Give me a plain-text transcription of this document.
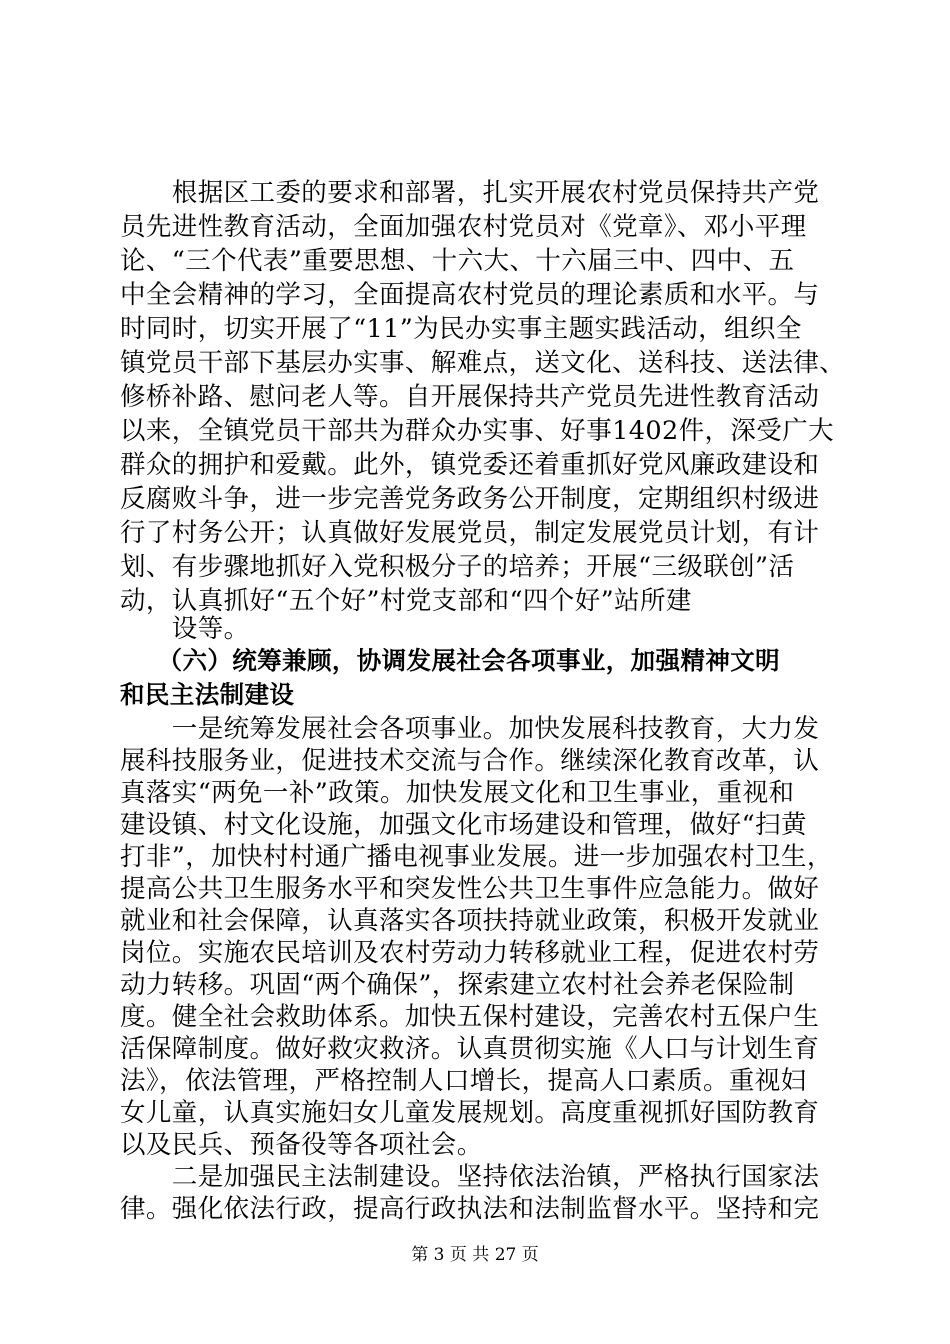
　　根据区工委的要求和部署，扎实开展农村党员保持共产党
员先进性教育活动，全面加强农村党员对《党章》、邓小平理
论、“三个代表”重要思想、十六大、十六届三中、四中、五
中全会精神的学习，全面提高农村党员的理论素质和水平。与
时同时，切实开展了“11”为民办实事主题实践活动，组织全
镇党员干部下基层办实事、解难点，送文化、送科技、送法律、
修桥补路、慰问老人等。自开展保持共产党员先进性教育活动
以来，全镇党员干部共为群众办实事、好事1402件，深受广大
群众的拥护和爱戴。此外，镇党委还着重抓好党风廉政建设和
反腐败斗争，进一步完善党务政务公开制度，定期组织村级进
行了村务公开；认真做好发展党员，制定发展党员计划，有计
划、有步骤地抓好入党积极分子的培养；开展“三级联创”活
动，认真抓好“五个好”村党支部和“四个好”站所建
　　设等。
　　（六）统筹兼顾，协调发展社会各项事业，加强精神文明
和民主法制建设
　　一是统筹发展社会各项事业。加快发展科技教育，大力发
展科技服务业，促进技术交流与合作。继续深化教育改革，认
真落实“两免一补”政策。加快发展文化和卫生事业，重视和
建设镇、村文化设施，加强文化市场建设和管理，做好“扫黄
打非”，加快村村通广播电视事业发展。进一步加强农村卫生，
提高公共卫生服务水平和突发性公共卫生事件应急能力。做好
就业和社会保障，认真落实各项扶持就业政策，积极开发就业
岗位。实施农民培训及农村劳动力转移就业工程，促进农村劳
动力转移。巩固“两个确保”，探索建立农村社会养老保险制
度。健全社会救助体系。加快五保村建设，完善农村五保户生
活保障制度。做好救灾救济。认真贯彻实施《人口与计划生育
法》，依法管理，严格控制人口增长，提高人口素质。重视妇
女儿童，认真实施妇女儿童发展规划。高度重视抓好国防教育
以及民兵、预备役等各项社会。
　　二是加强民主法制建设。坚持依法治镇，严格执行国家法
律。强化依法行政，提高行政执法和法制监督水平。坚持和完
第 3 页 共 27 页
